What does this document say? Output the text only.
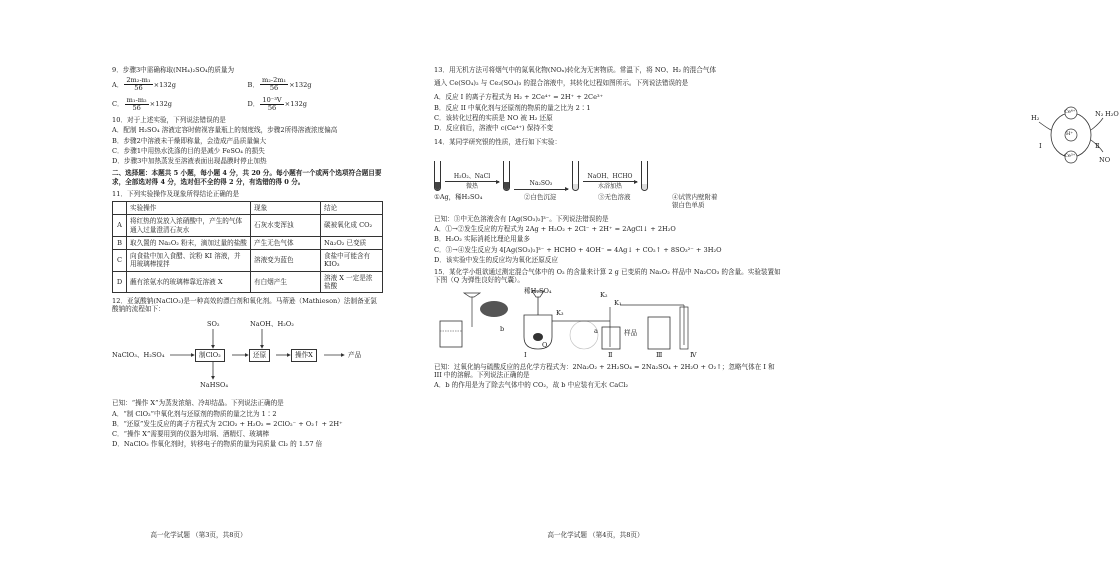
9．步骤3中需确称取(NH₄)₂SO₄的质量为
A． $\frac{\text{2m₂-m₁}}{56} \times 132g$	B． $\frac{\text{m₂-2m₁}}{56} \times 132g$
C． $\frac{\text{m₁-m₂}}{56} \times 132g$	D． $\frac{\text{10⁻³V}}{56} \times 132g$
10．对于上述实验，下列说法错误的是
A．配制 H₂SO₄ 溶液定容时俯视容量瓶上的刻度线，步骤2所得溶液浓度偏高
B．步骤2中溶液未干燥即称量，会造成产品质量偏大
C．步骤1中用热水洗涤的目的是减少 FeSO₄ 的损失
D．步骤3中加热蒸发至溶液表面出现晶膜时停止加热
二、选择题：本题共 5 小题，每小题 4 分，共 20 分。每小题有一个或两个选项符合题目要求，全部选对得 4 分，选对但不全的得 2 分，有选错的得 0 分。
11．下列实验操作及现象所得结论正确的是
	实验操作	现象	结论
A	将红热的炭放入浓硝酸中，产生的气体通入过量澄清石灰水	石灰水变浑浊	碳被氧化成 CO₂
B	取久置的 Na₂O₂ 粉末，滴加过量的盐酸	产生无色气体	Na₂O₂ 已变质
C	向食盐中加入食醋、淀粉 KI 溶液，并用玻璃棒搅拌	溶液变为蓝色	食盐中可能含有 KIO₃
D	蘸有浓氨水的玻璃棒靠近溶液 X	有白烟产生	溶液 X 一定是浓盐酸
12．亚氯酸钠(NaClO₂)是一种高效的漂白剂和氧化剂。马蒂逊（Mathieson）法制备亚氯酸钠的流程如下：
NaClO₃、H₂SO₄
SO₂
制ClO₂
NaHSO₄
NaOH、H₂O₂
还原	操作X	产品
已知：“操作 X”为蒸发浓缩、冷却结晶。下列说法正确的是
A．“制 ClO₂”中氧化剂与还原剂的物质的量之比为 1∶2
B．“还原”发生反应的离子方程式为 2ClO₂ + H₂O₂ = 2ClO₂⁻ + O₂↑ + 2H⁺
C．“操作 X”需要用到的仪器为坩埚、酒精灯、玻璃棒
D．NaClO₂ 作氧化剂时，转移电子的物质的量为同质量 Cl₂ 的 1.57 倍
高一化学试题 （第3页，共8页）
13．用无机方法可将烟气中的氮氧化物(NOₓ)转化为无害物质。常温下，将 NO、H₂ 的混合气体
通入 Ce(SO₄)₂ 与 Ce₂(SO₄)₃ 的混合溶液中，其转化过程如图所示。下列说法错误的是
A．反应 I 的离子方程式为 H₂ + 2Ce⁴⁺ = 2H⁺ + 2Ce³⁺
B．反应 II 中氧化剂与还原剂的物质的量之比为 2∶1
C．该转化过程的实质是 NO 被 H₂ 还原
D．反应前后，溶液中 c(Ce⁴⁺) 保持不变
Ce⁴⁺
Ce³⁺
H⁺
H₂
Ⅰ	Ⅱ
N₂ H₂O
NO
14．某同学研究银的性质，进行如下实验：
H₂O₂、NaCl
微热	Na₂SO₃
NaOH、HCHO
水浴加热
①Ag，稀H₂SO₄	②白色沉淀	③无色溶液	④试管内壁附着银白色单质
已知：③中无色溶液含有 [Ag(SO₃)₂]³⁻。下列说法错误的是
A．①→②发生反应的方程式为 2Ag + H₂O₂ + 2Cl⁻ + 2H⁺ = 2AgCl↓ + 2H₂O
B．H₂O₂ 实际消耗比理论用量多
C．③→④发生反应为 4[Ag(SO₃)₂]³⁻ + HCHO + 4OH⁻ = 4Ag↓ + CO₂↑ + 8SO₃²⁻ + 3H₂O
D．该实验中发生的反应均为氧化还原反应
15．某化学小组欲通过测定混合气体中的 O₂ 的含量来计算 2 g 已变质的 Na₂O₂ 样品中 Na₂CO₃ 的含量。实验装置如下图（Q 为弹性良好的气囊）。
稀H₂SO₄	K₂
K₁
K₃
Q
Ⅰ	Ⅱ	Ⅲ	Ⅳ
b	a	样品
已知：过氧化钠与硫酸反应的总化学方程式为：2Na₂O₂ + 2H₂SO₄ = 2Na₂SO₄ + 2H₂O + O₂↑；忽略气体在 I 和 III 中的溶解。下列说法正确的是
A．b 的作用是为了除去气体中的 CO₂，故 b 中应装有无水 CaCl₂
高一化学试题 （第4页，共8页）
